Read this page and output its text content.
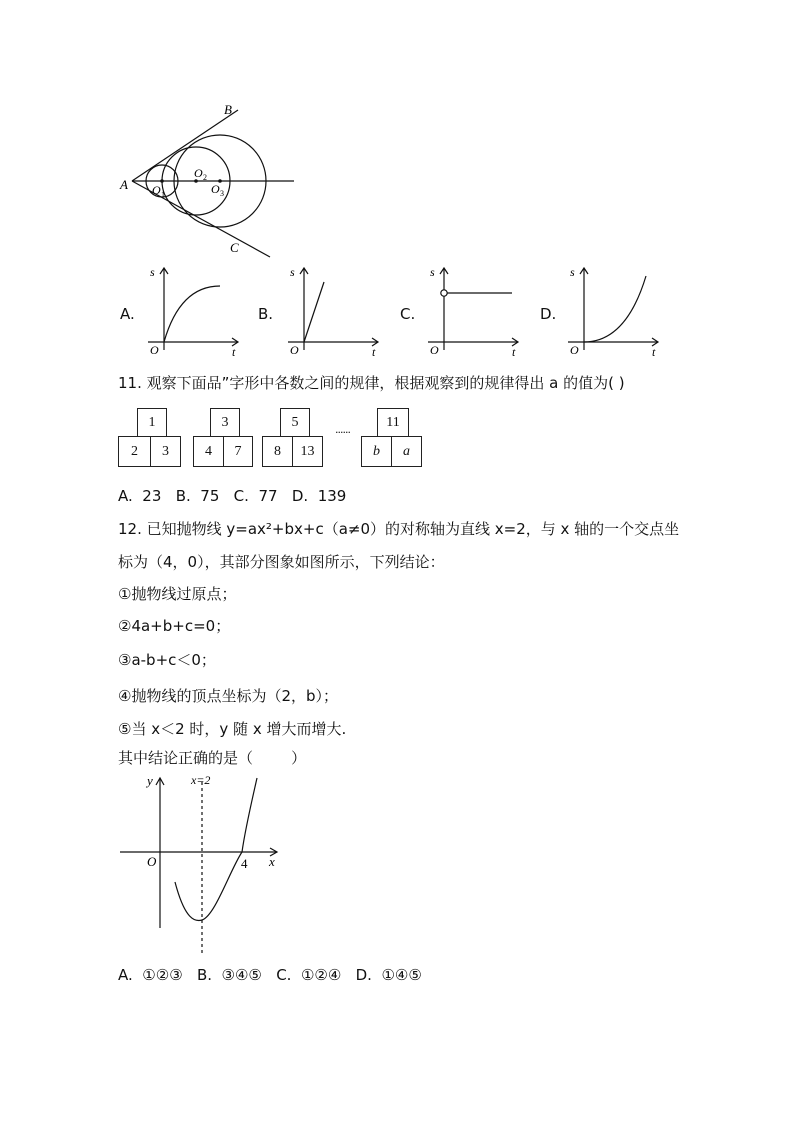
A
B
C
O 1
O 2
O 3
A.
s
t
O
B.
s
t
O
C.
s
t
O
D.
s
t
O
11. 观察下面品”字形中各数之间的规律，根据观察到的规律得出 a 的值为( )
1
2	3
3
4	7
5
8	13
······
11
b	a
A.  23   B.  75   C.  77   D.  139
12. 已知抛物线 y=ax²+bx+c（a≠0）的对称轴为直线 x=2，与 x 轴的一个交点坐
标为（4，0），其部分图象如图所示，下列结论：
①抛物线过原点；
②4a+b+c=0；
③a-b+c＜0；
④抛物线的顶点坐标为（2，b）；
⑤当 x＜2 时，y 随 x 增大而增大.
其中结论正确的是（        ）
y
x
O
x=2
4
A.  ①②③   B.  ③④⑤   C.  ①②④   D.  ①④⑤
